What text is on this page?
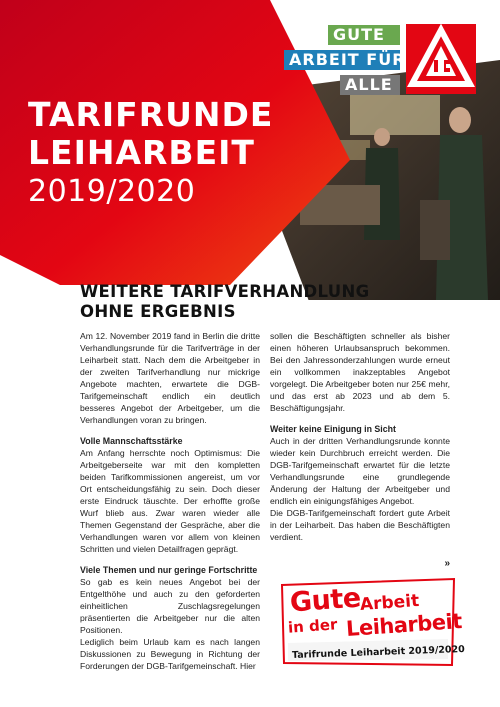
TARIFRUNDE
LEIHARBEIT
2019/2020
GUTE
ARBEIT FÜR
ALLE
WEITERE TARIFVERHANDLUNG
OHNE ERGEBNIS

Am 12. November 2019 fand in Berlin die dritte Verhandlungsrunde für die Tarifverträge in der Leiharbeit statt. Nach dem die Arbeitgeber in der zweiten Tarifverhandlung nur mickrige Angebote machten, erwartete die DGB-Tarifgemeinschaft endlich ein deutlich besseres Angebot der Arbeitgeber, um die Verhandlungen voran zu bringen.

Volle Mannschaftsstärke

Am Anfang herrschte noch Optimismus: Die Arbeitgeberseite war mit den kompletten beiden Tarifkommissionen angereist, um vor Ort entscheidungsfähig zu sein. Doch dieser erste Eindruck täuschte. Der erhoffte große Wurf blieb aus. Zwar waren wieder alle Themen Gegenstand der Gespräche, aber die Verhandlungen waren vor allem von kleinen Schritten und vielen Detailfragen geprägt.

Viele Themen und nur geringe Fortschritte

So gab es kein neues Angebot bei der Entgelthöhe und auch zu den geforderten einheitlichen Zuschlagsregelungen präsentierten die Arbeitgeber nur die alten Positionen.

Lediglich beim Urlaub kam es nach langen Diskussionen zu Bewegung in Richtung der Forderungen der DGB-Tarifgemeinschaft. Hier

sollen die Beschäftigten schneller als bisher einen höheren Urlaubsanspruch bekommen. Bei den Jahressonderzahlungen wurde erneut ein vollkommen inakzeptables Angebot vorgelegt. Die Arbeitgeber boten nur 25€ mehr, und das erst ab 2023 und ab dem 5. Beschäftigungsjahr.

Weiter keine Einigung in Sicht

Auch in der dritten Verhandlungsrunde konnte wieder kein Durchbruch erreicht werden. Die DGB-Tarifgemeinschaft erwartet für die letzte Verhandlungsrunde eine grundlegende Änderung der Haltung der Arbeitgeber und endlich ein einigungsfähiges Angebot.

Die DGB-Tarifgemeinschaft fordert gute Arbeit in der Leiharbeit. Das haben die Beschäftigten verdient.

»
Gute
Arbeit
in der Leiharbeit
Tarifrunde Leiharbeit 2019/2020
